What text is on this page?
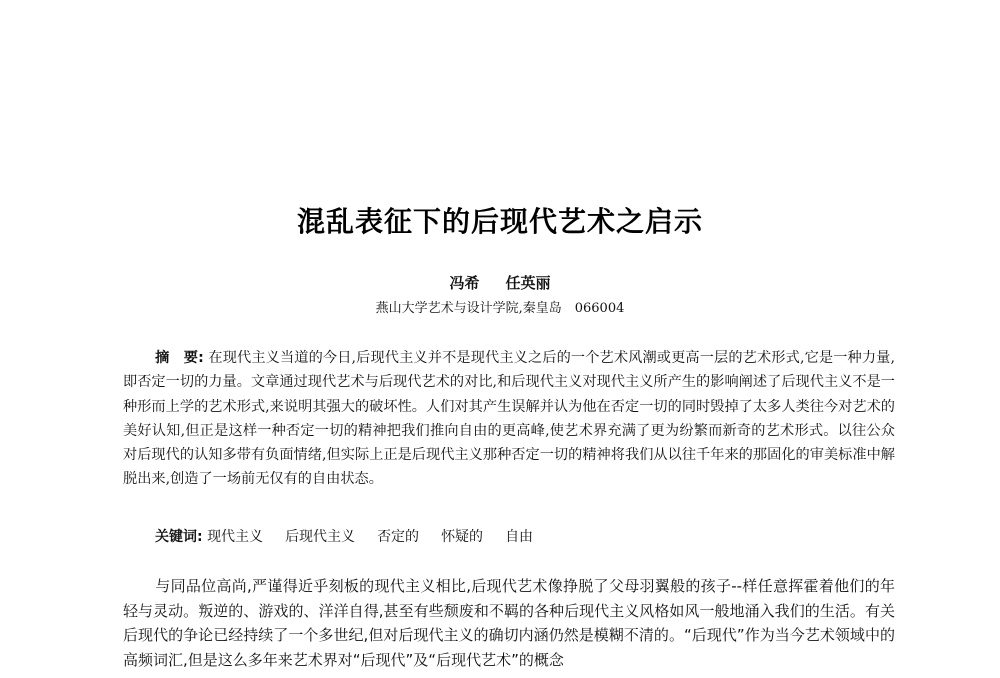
混乱表征下的后现代艺术之启示
冯希 任英丽
燕山大学艺术与设计学院,秦皇岛　066004
摘　要: 在现代主义当道的今日,后现代主义并不是现代主义之后的一个艺术风潮或更高一层的艺术形式,它是一种力量,即否定一切的力量。文章通过现代艺术与后现代艺术的对比,和后现代主义对现代主义所产生的影响阐述了后现代主义不是一种形而上学的艺术形式,来说明其强大的破坏性。人们对其产生误解并认为他在否定一切的同时毁掉了太多人类往今对艺术的美好认知,但正是这样一种否定一切的精神把我们推向自由的更高峰,使艺术界充满了更为纷繁而新奇的艺术形式。以往公众对后现代的认知多带有负面情绪,但实际上正是后现代主义那种否定一切的精神将我们从以往千年来的那固化的审美标准中解脱出来,创造了一场前无仅有的自由状态。
关键词: 现代主义 后现代主义 否定的 怀疑的 自由
与同品位高尚,严谨得近乎刻板的现代主义相比,后现代艺术像挣脱了父母羽翼般的孩子--样任意挥霍着他们的年轻与灵动。叛逆的、游戏的、洋洋自得,甚至有些颓废和不羁的各种后现代主义风格如风一般地涌入我们的生活。有关后现代的争论已经持续了一个多世纪,但对后现代主义的确切内涵仍然是模糊不清的。“后现代”作为当今艺术领域中的高频词汇,但是这么多年来艺术界对“后现代”及“后现代艺术”的概念
